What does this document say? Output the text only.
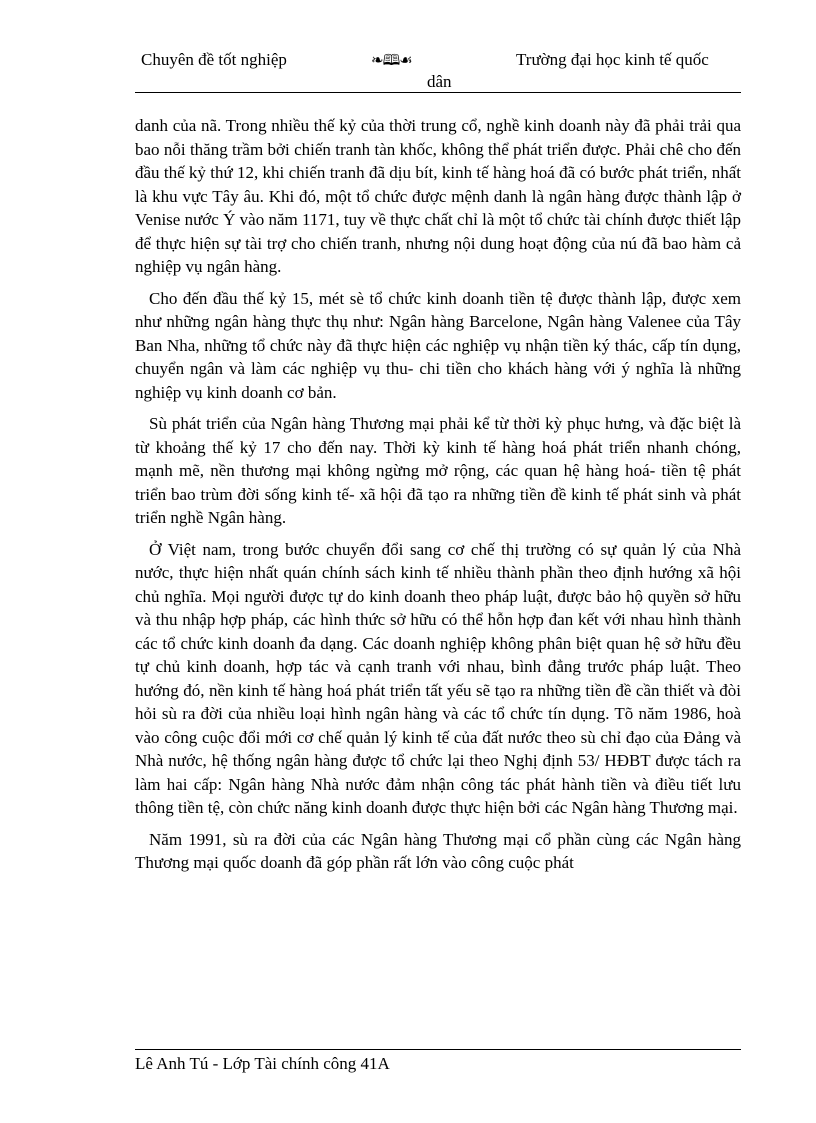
Chuyên đề tốt nghiệp	❧🕮☙	Trường đại học kinh tế quốc
dân

danh của nã. Trong nhiều thế kỷ của thời trung cổ, nghề kinh doanh này đã phải trải qua bao nỗi thăng trầm bởi chiến tranh tàn khốc, không thể phát triển được. Phải chê cho đến đầu thế kỷ thứ 12, khi chiến tranh đã dịu bít, kinh tế hàng hoá đã có bước phát triển, nhất là khu vực Tây âu. Khi đó, một tổ chức được mệnh danh là ngân hàng được thành lập ở Venise nước Ý vào năm 1171, tuy về thực chất chỉ là một tổ chức tài chính được thiết lập để thực hiện sự tài trợ cho chiến tranh, nhưng nội dung hoạt động của nú đã bao hàm cả nghiệp vụ ngân hàng.

Cho đến đầu thế kỷ 15, mét sè tổ chức kinh doanh tiền tệ được thành lập, được xem như những ngân hàng thực thụ như: Ngân hàng Barcelone, Ngân hàng Valenee của Tây Ban Nha, những tổ chức này đã thực hiện các nghiệp vụ nhận tiền ký thác, cấp tín dụng, chuyển ngân và làm các nghiệp vụ thu- chi tiền cho khách hàng với ý nghĩa là những nghiệp vụ kinh doanh cơ bản.

Sù phát triển của Ngân hàng Thương mại phải kể từ thời kỳ phục hưng, và đặc biệt là từ khoảng thế kỷ 17 cho đến nay. Thời kỳ kinh tế hàng hoá phát triển nhanh chóng, mạnh mẽ, nền thương mại không ngừng mở rộng, các quan hệ hàng hoá- tiền tệ phát triển bao trùm đời sống kinh tế- xã hội đã tạo ra những tiền đề kinh tế phát sinh và phát triển nghề Ngân hàng.

Ở Việt nam, trong bước chuyển đổi sang cơ chế thị trường có sự quản lý của Nhà nước, thực hiện nhất quán chính sách kinh tế nhiều thành phần theo định hướng xã hội chủ nghĩa. Mọi người được tự do kinh doanh theo pháp luật, được bảo hộ quyền sở hữu và thu nhập hợp pháp, các hình thức sở hữu có thể hỗn hợp đan kết với nhau hình thành các tổ chức kinh doanh đa dạng. Các doanh nghiệp không phân biệt quan hệ sở hữu đều tự chủ kinh doanh, hợp tác và cạnh tranh với nhau, bình đẳng trước pháp luật. Theo hướng đó, nền kinh tế hàng hoá phát triển tất yếu sẽ tạo ra những tiền đề cần thiết và đòi hỏi sù ra đời của nhiều loại hình ngân hàng và các tổ chức tín dụng. Tõ năm 1986, hoà vào công cuộc đổi mới cơ chế quản lý kinh tế của đất nước theo sù chỉ đạo của Đảng và Nhà nước, hệ thống ngân hàng được tổ chức lại theo Nghị định 53/ HĐBT được tách ra làm hai cấp: Ngân hàng Nhà nước đảm nhận công tác phát hành tiền và điều tiết lưu thông tiền tệ, còn chức năng kinh doanh được thực hiện bởi các Ngân hàng Thương mại.

Năm 1991, sù ra đời của các Ngân hàng Thương mại cổ phần cùng các Ngân hàng Thương mại quốc doanh đã góp phần rất lớn vào công cuộc phát

Lê Anh Tú - Lớp Tài chính công 41A
